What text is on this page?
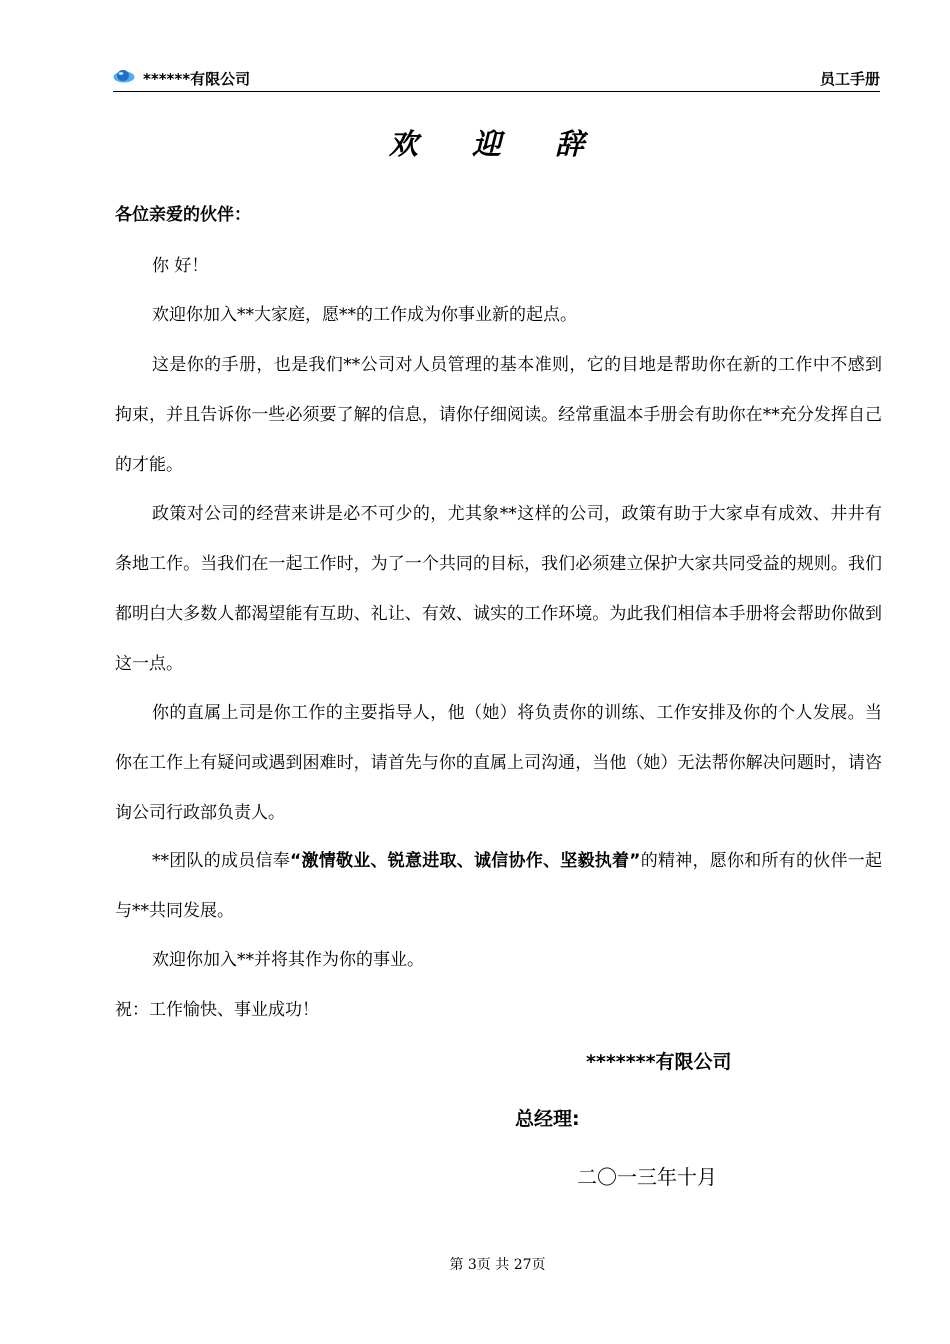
******有限公司	员工手册
欢 迎 辞
各位亲爱的伙伴：

你 好！

欢迎你加入**大家庭，愿**的工作成为你事业新的起点。

这是你的手册，也是我们**公司对人员管理的基本准则，它的目地是帮助你在新的工作中不感到拘束，并且告诉你一些必须要了解的信息，请你仔细阅读。经常重温本手册会有助你在**充分发挥自己的才能。

政策对公司的经营来讲是必不可少的，尤其象**这样的公司，政策有助于大家卓有成效、井井有条地工作。当我们在一起工作时，为了一个共同的目标，我们必须建立保护大家共同受益的规则。我们都明白大多数人都渴望能有互助、礼让、有效、诚实的工作环境。为此我们相信本手册将会帮助你做到这一点。

你的直属上司是你工作的主要指导人，他（她）将负责你的训练、工作安排及你的个人发展。当你在工作上有疑问或遇到困难时，请首先与你的直属上司沟通，当他（她）无法帮你解决问题时，请咨询公司行政部负责人。

**团队的成员信奉“激情敬业、锐意进取、诚信协作、坚毅执着”的精神，愿你和所有的伙伴一起与**共同发展。

欢迎你加入**并将其作为你的事业。

祝：工作愉快、事业成功！
*******有限公司
总经理:
二〇一三年十月
第 3页 共 27页
